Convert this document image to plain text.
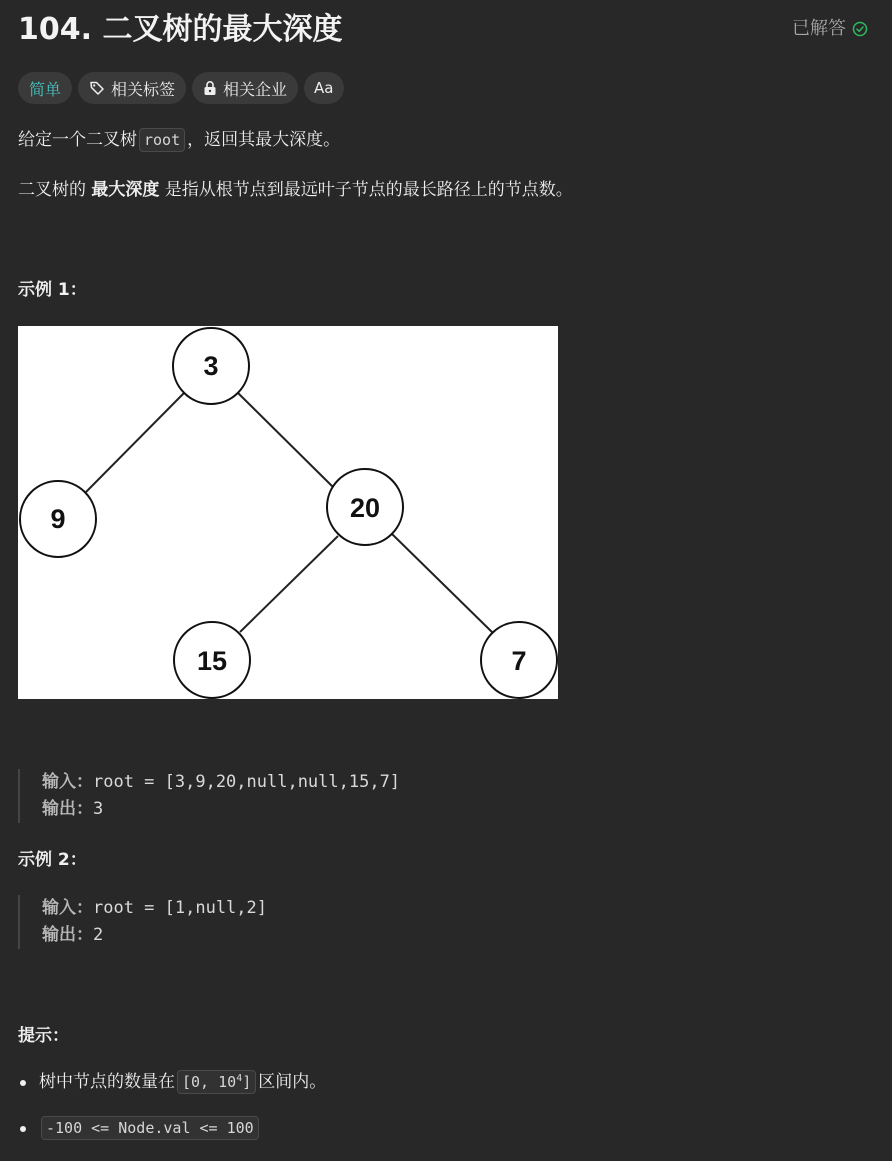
104. 二叉树的最大深度	已解答
简单	相关标签	相关企业 Aa
给定一个二叉树 root ，返回其最大深度。
二叉树的 最大深度 是指从根节点到最远叶子节点的最长路径上的节点数。
示例 1：
3
9	20
15	7
输入：root = [3,9,20,null,null,15,7]
输出：3
示例 2：
输入：root = [1,null,2]
输出：2
提示：
树中节点的数量在 [0, $10^4$] 区间内。
-100 <= Node.val <= 100
